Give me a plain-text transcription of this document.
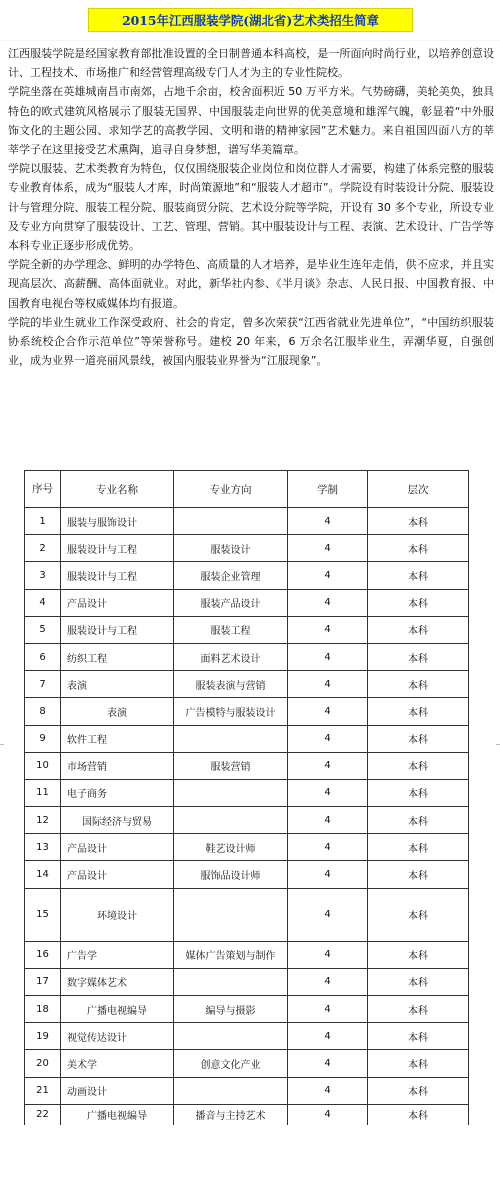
2015年江西服装学院(湖北省)艺术类招生简章

江西服装学院是经国家教育部批准设置的全日制普通本科高校，是一所面向时尚行业，以培养创意设计、工程技术、市场推广和经营管理高级专门人才为主的专业性院校。

学院坐落在英雄城南昌市南郊，占地千余亩，校舍面积近 50 万平方米。气势磅礴，美轮美奂，独具特色的欧式建筑风格展示了服装无国界、中国服装走向世界的优美意境和雄浑气魄，彰显着“中外服饰文化的主题公园、求知学艺的高教学园、文明和谐的精神家园”艺术魅力。来自祖国四面八方的莘莘学子在这里接受艺术熏陶，追寻自身梦想，谱写华美篇章。

学院以服装、艺术类教育为特色，仅仅围绕服装企业岗位和岗位群人才需要，构建了体系完整的服装专业教育体系，成为“服装人才库，时尚策源地”和“服装人才超市”。学院设有时装设计分院、服装设计与管理分院、服装工程分院、服装商贸分院、艺术设分院等学院，开设有 30 多个专业，所设专业及专业方向贯穿了服装设计、工艺、管理、营销。其中服装设计与工程、表演、艺术设计、广告学等本科专业正逐步形成优势。

学院全新的办学理念、鲜明的办学特色、高质量的人才培养，是毕业生连年走俏，供不应求，并且实现高层次、高薪酬、高体面就业。对此，新华社内参、《半月谈》杂志、人民日报、中国教育报、中国教育电视台等权威媒体均有报道。

学院的毕业生就业工作深受政府、社会的肯定，曾多次荣获“江西省就业先进单位”，“中国纺织服装协系统校企合作示范单位”等荣誉称号。建校 20 年来，6 万余名江服毕业生，弄潮华夏，自强创业，成为业界一道亮丽风景线，被国内服装业界誉为“江服现象”。

序号	专业名称	专业方向	学制	层次
1	服装与服饰设计		4	本科
2	服装设计与工程	服装设计	4	本科
3	服装设计与工程	服装企业管理	4	本科
4	产品设计	服装产品设计	4	本科
5	服装设计与工程	服装工程	4	本科
6	纺织工程	面料艺术设计	4	本科
7	表演	服装表演与营销	4	本科
8	表演	广告模特与服装设计	4	本科
9	软件工程		4	本科
10	市场营销	服装营销	4	本科
11	电子商务		4	本科
12	国际经济与贸易		4	本科
13	产品设计	鞋艺设计师	4	本科
14	产品设计	服饰品设计师	4	本科
15	环境设计		4	本科
16	广告学	媒体广告策划与制作	4	本科
17	数字媒体艺术		4	本科
18	广播电视编导	编导与摄影	4	本科
19	视觉传达设计		4	本科
20	美术学	创意文化产业	4	本科
21	动画设计		4	本科
22	广播电视编导	播音与主持艺术	4	本科
